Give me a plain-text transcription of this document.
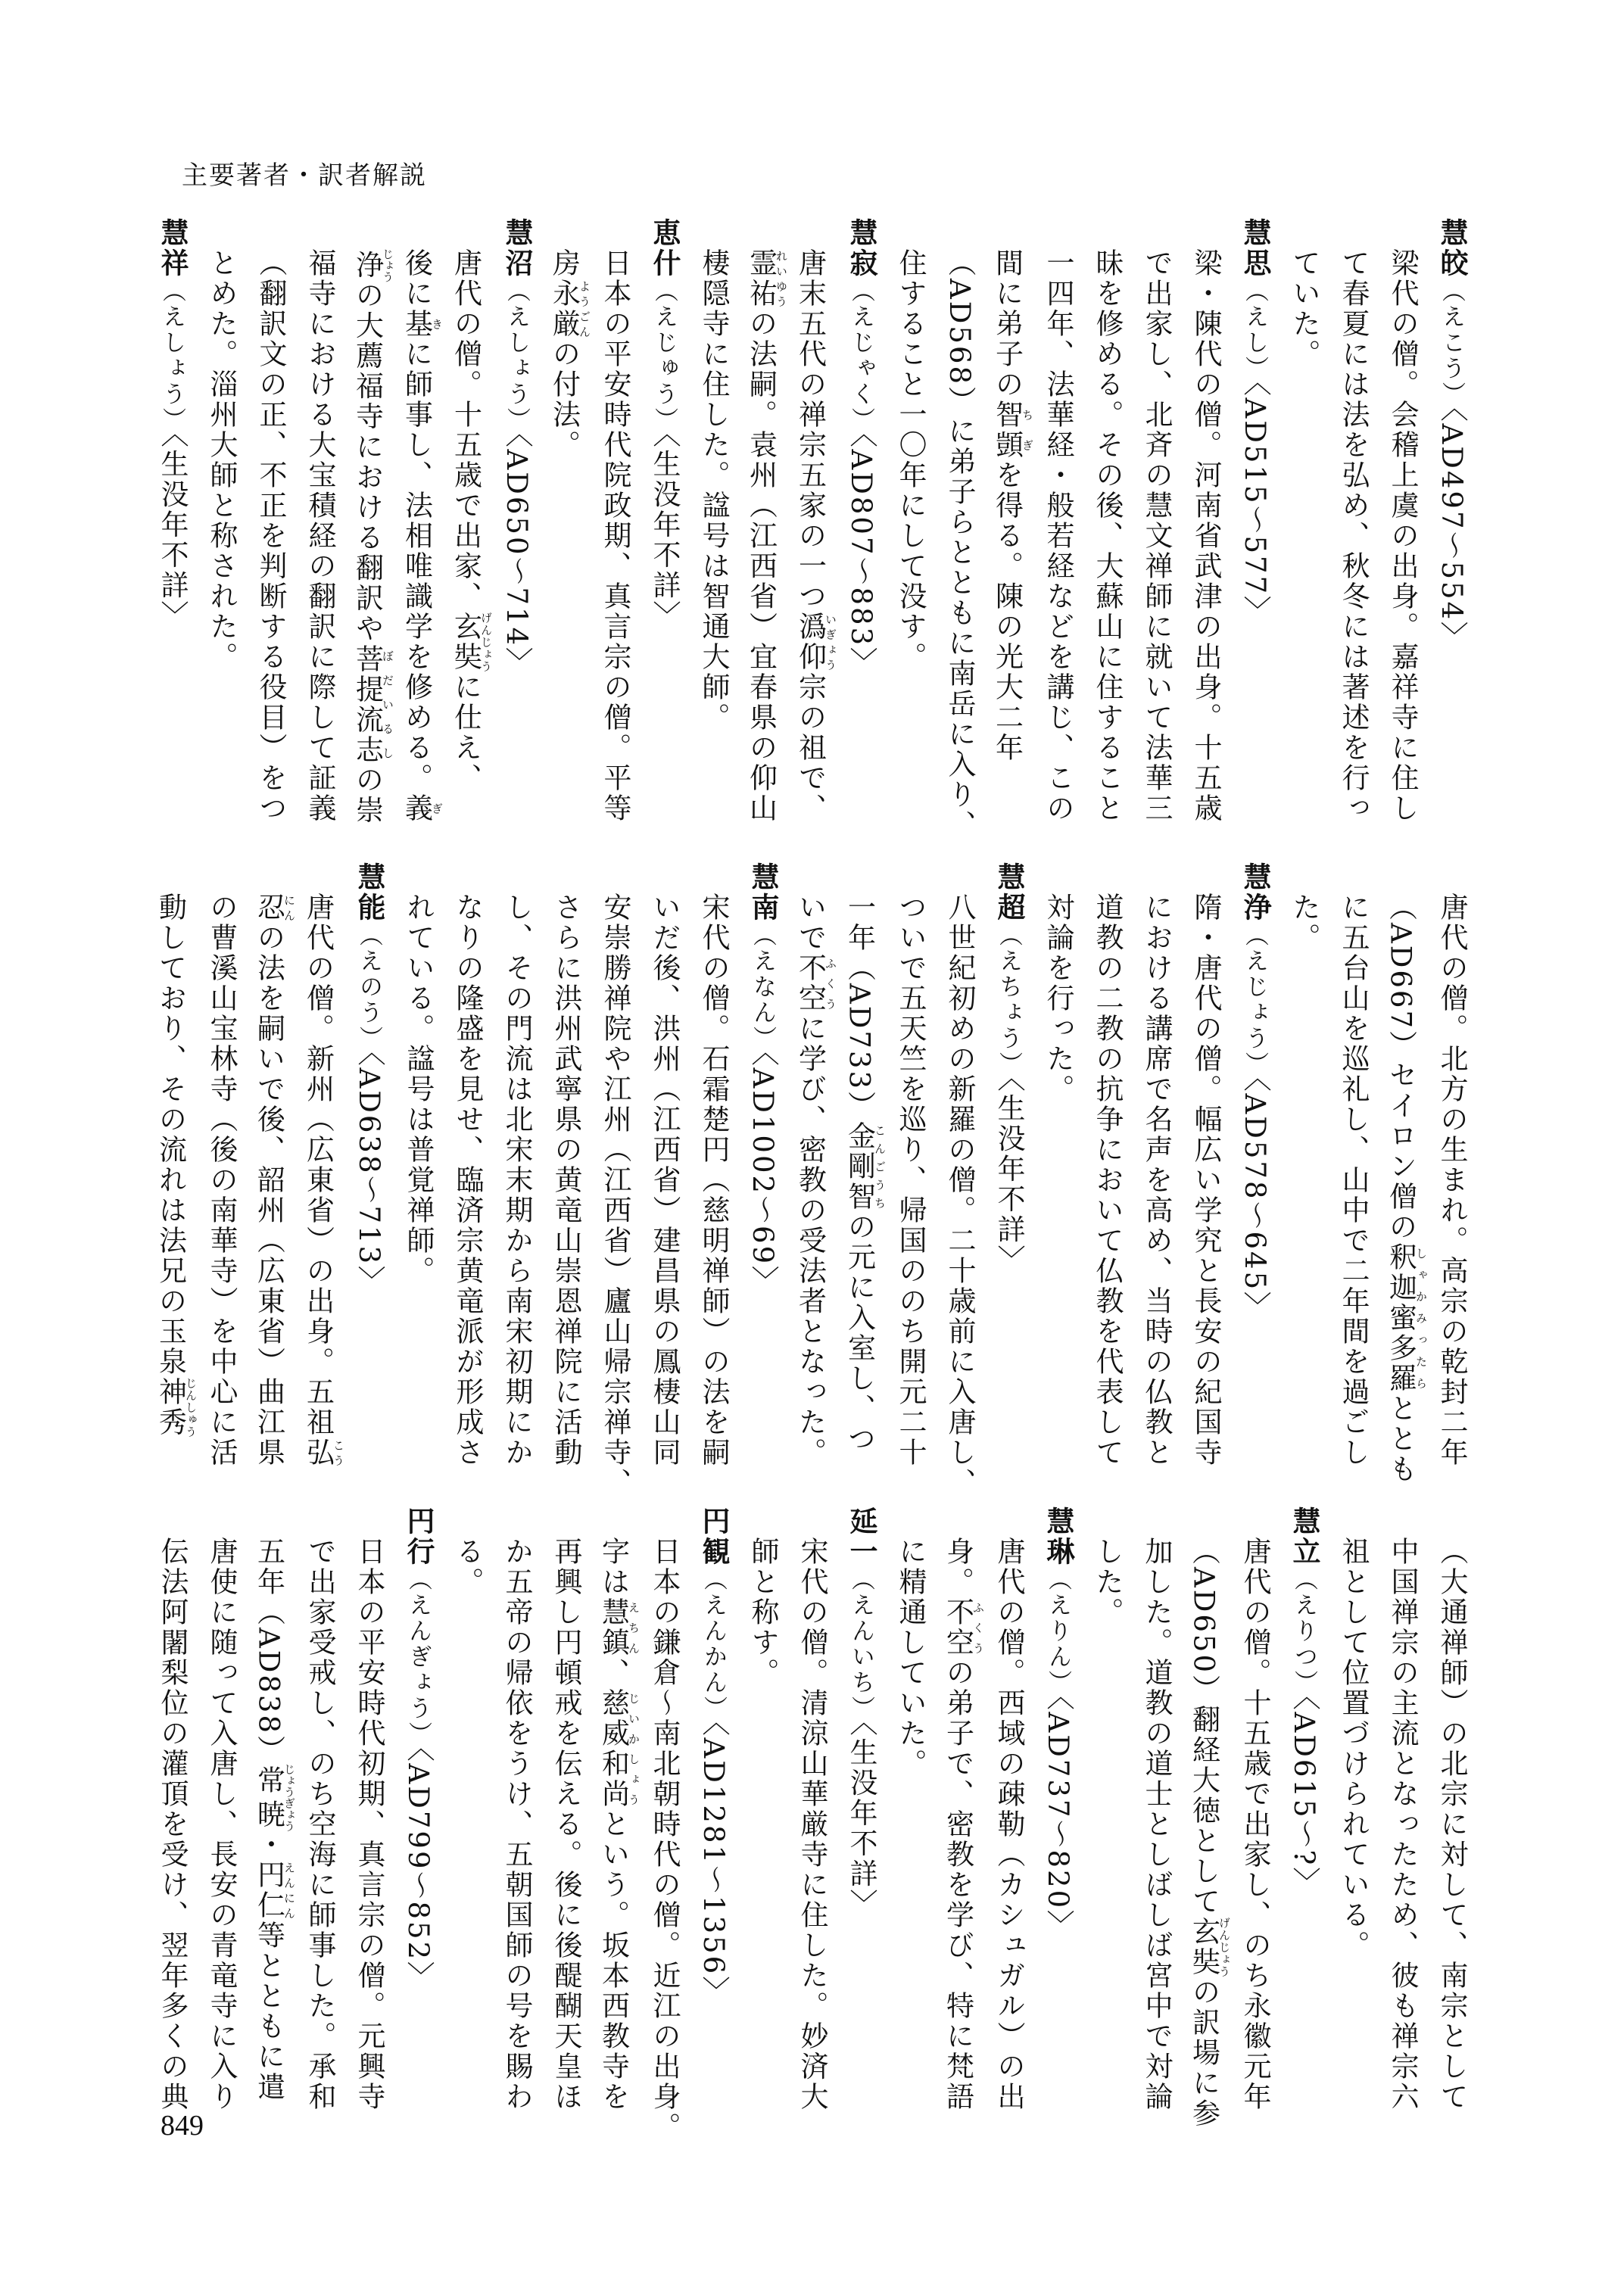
主要著者・訳者解説
慧皎（えこう）〈AD497～554〉
梁代の僧。会稽上虞の出身。嘉祥寺に住し
て春夏には法を弘め、秋冬には著述を行っ
ていた。
慧思（えし）〈AD515～577〉
梁・陳代の僧。河南省武津の出身。十五歳
で出家し、北斉の慧文禅師に就いて法華三
昧を修める。その後、大蘇山に住すること
一四年、法華経・般若経などを講じ、この
間に弟子の智顗ちぎを得る。陳の光大二年
（AD568）に弟子らとともに南岳に入り、
住すること一〇年にして没す。
慧寂（えじゃく）〈AD807～883〉
唐末五代の禅宗五家の一つ潙仰いぎょう宗の祖で、
霊祐れいゆうの法嗣。袁州（江西省）宜春県の仰山
棲隠寺に住した。諡号は智通大師。
恵什（えじゅう）〈生没年不詳〉
日本の平安時代院政期、真言宗の僧。平等
房永厳ようごんの付法。
慧沼（えしょう）〈AD650～714〉
唐代の僧。十五歳で出家、玄奘げんじょうに仕え、
後に基きに師事し、法相唯識学を修める。義ぎ
浄じょうの大薦福寺における翻訳や菩提流志ぼだいるしの崇
福寺における大宝積経の翻訳に際して証義
（翻訳文の正、不正を判断する役目）をつ
とめた。淄州大師と称された。
慧祥（えしょう）〈生没年不詳〉
唐代の僧。北方の生まれ。高宗の乾封二年
（AD667）セイロン僧の釈迦蜜多羅しゃかみったらととも
に五台山を巡礼し、山中で二年間を過ごし
た。
慧浄（えじょう）〈AD578～645〉
隋・唐代の僧。幅広い学究と長安の紀国寺
における講席で名声を高め、当時の仏教と
道教の二教の抗争において仏教を代表して
対論を行った。
慧超（えちょう）〈生没年不詳〉
八世紀初めの新羅の僧。二十歳前に入唐し、
ついで五天竺を巡り、帰国ののち開元二十
一年（AD733）金剛智こんごうちの元に入室し、つ
いで不空ふくうに学び、密教の受法者となった。
慧南（えなん）〈AD1002～69〉
宋代の僧。石霜楚円（慈明禅師）の法を嗣
いだ後、洪州（江西省）建昌県の鳳棲山同
安崇勝禅院や江州（江西省）廬山帰宗禅寺、
さらに洪州武寧県の黄竜山崇恩禅院に活動
し、その門流は北宋末期から南宋初期にか
なりの隆盛を見せ、臨済宗黄竜派が形成さ
れている。諡号は普覚禅師。
慧能（えのう）〈AD638～713〉
唐代の僧。新州（広東省）の出身。五祖弘こう
忍にんの法を嗣いで後、韶州（広東省）曲江県
の曹溪山宝林寺（後の南華寺）を中心に活
動しており、その流れは法兄の玉泉神秀じんしゅう
（大通禅師）の北宗に対して、南宗として
中国禅宗の主流となったため、彼も禅宗六
祖として位置づけられている。
慧立（えりつ）〈AD615～?〉
唐代の僧。十五歳で出家し、のち永徽元年
（AD650）翻経大徳として玄奘げんじょうの訳場に参
加した。道教の道士としばしば宮中で対論
した。
慧琳（えりん）〈AD737～820〉
唐代の僧。西域の疎勒（カシュガル）の出
身。不空ふくうの弟子で、密教を学び、特に梵語
に精通していた。
延一（えんいち）〈生没年不詳〉
宋代の僧。清涼山華厳寺に住した。妙済大
師と称す。
円観（えんかん）〈AD1281～1356〉
日本の鎌倉～南北朝時代の僧。近江の出身。
字は慧鎮えちん、慈威和尚じいかしょうという。坂本西教寺を
再興し円頓戒を伝える。後に後醍醐天皇ほ
か五帝の帰依をうけ、五朝国師の号を賜わ
る。
円行（えんぎょう）〈AD799～852〉
日本の平安時代初期、真言宗の僧。元興寺
で出家受戒し、のち空海に師事した。承和
五年（AD838）常暁じょうぎょう・円仁えんにん等とともに遣
唐使に随って入唐し、長安の青竜寺に入り
伝法阿闍梨位の灌頂を受け、翌年多くの典
849
